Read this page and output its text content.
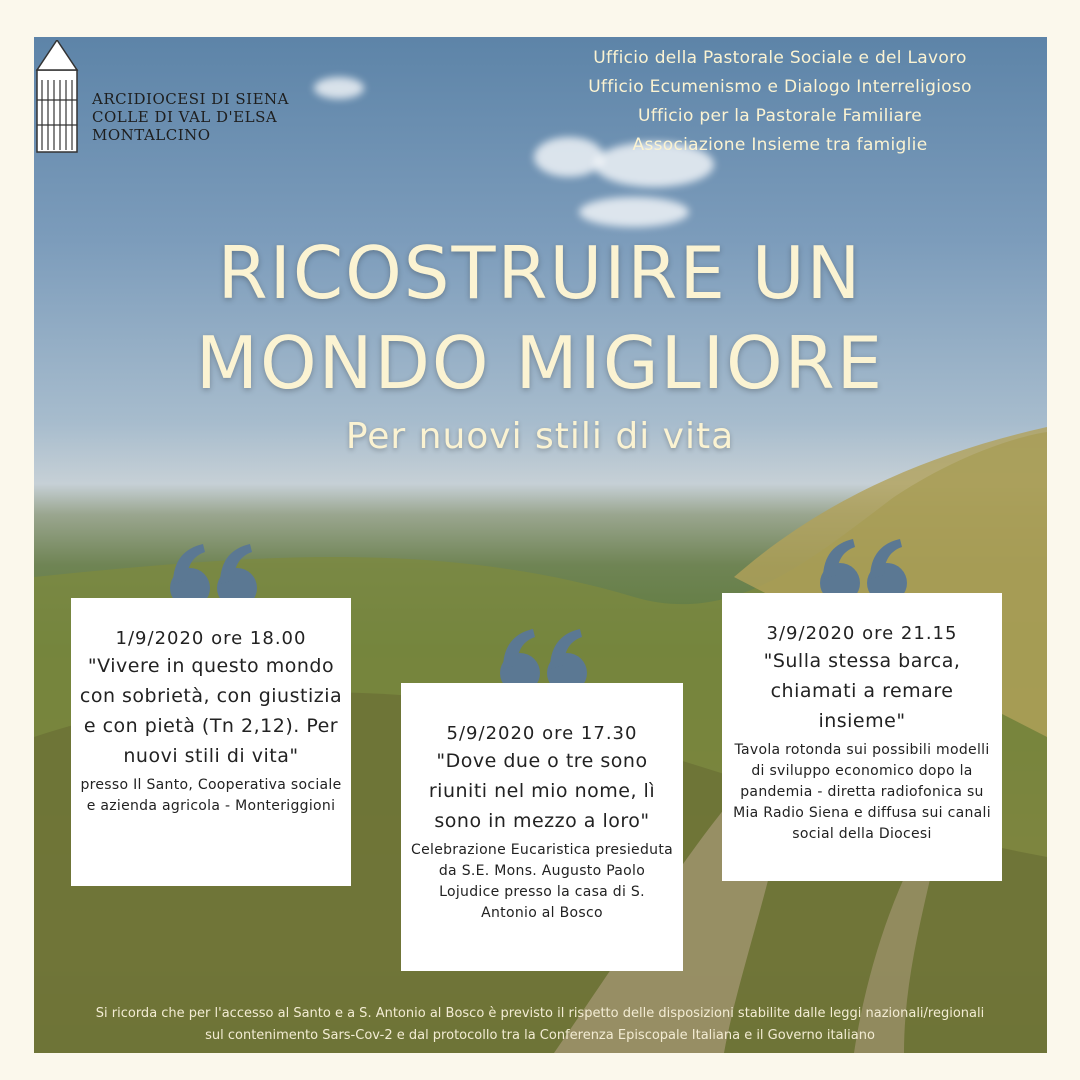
ARCIDIOCESI DI SIENA
COLLE DI VAL D'ELSA
MONTALCINO
Ufficio della Pastorale Sociale e del Lavoro
Ufficio Ecumenismo e Dialogo Interreligioso
Ufficio per la Pastorale Familiare
Associazione Insieme tra famiglie
RICOSTRUIRE UN
MONDO MIGLIORE
Per nuovi stili di vita
1/9/2020 ore 18.00
"Vivere in questo mondo con sobrietà, con giustizia e con pietà (Tn 2,12). Per nuovi stili di vita"
presso Il Santo, Cooperativa sociale e azienda agricola - Monteriggioni
5/9/2020 ore 17.30
"Dove due o tre sono riuniti nel mio nome, lì sono in mezzo a loro"
Celebrazione Eucaristica presieduta da S.E. Mons. Augusto Paolo Lojudice presso la casa di S. Antonio al Bosco
3/9/2020 ore 21.15
"Sulla stessa barca, chiamati a remare insieme"
Tavola rotonda sui possibili modelli di sviluppo economico dopo la pandemia - diretta radiofonica su Mia Radio Siena e diffusa sui canali social della Diocesi
Si ricorda che per l'accesso al Santo e a S. Antonio al Bosco è previsto il rispetto delle disposizioni stabilite dalle leggi nazionali/regionali
sul contenimento Sars-Cov-2 e dal protocollo tra la Conferenza Episcopale Italiana e il Governo italiano
